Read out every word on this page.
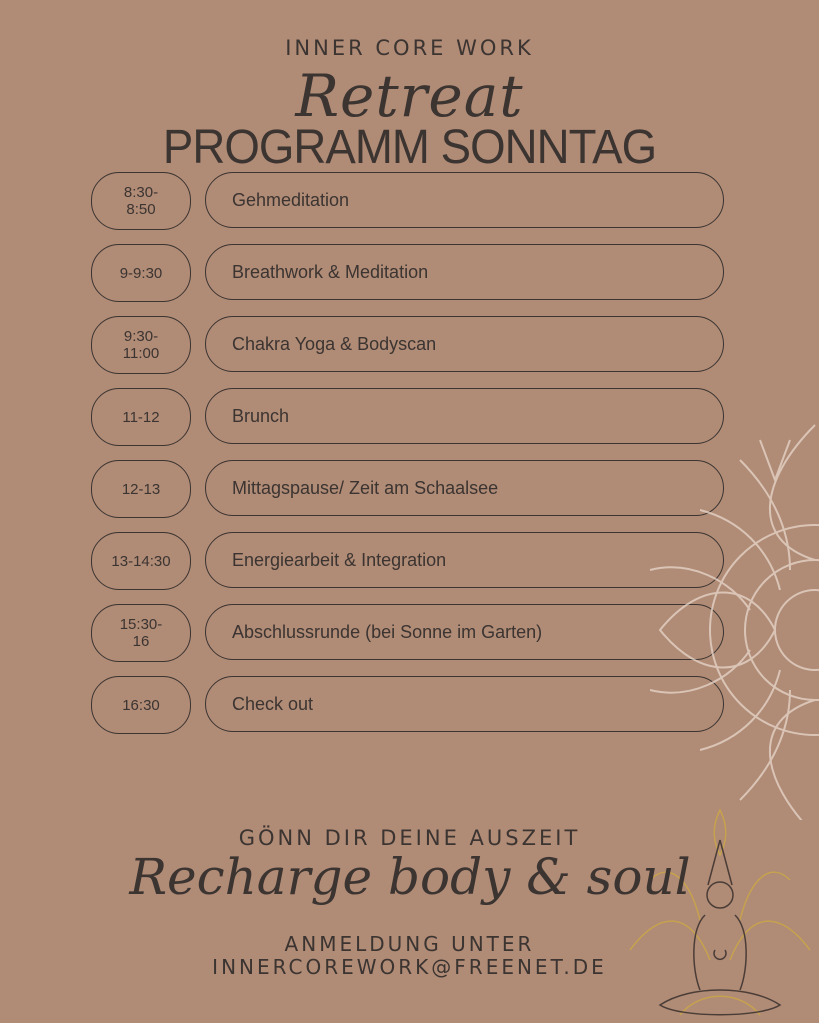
INNER CORE WORK
Retreat
PROGRAMM SONNTAG
8:30-
8:50	Gehmeditation
9-9:30	Breathwork & Meditation
9:30-
11:00	Chakra Yoga & Bodyscan
11-12	Brunch
12-13	Mittagspause/ Zeit am Schaalsee
13-14:30	Energiearbeit & Integration
15:30-
16	Abschlussrunde (bei Sonne im Garten)
16:30	Check out
GÖNN DIR DEINE AUSZEIT
Recharge body & soul
ANMELDUNG UNTER
INNERCOREWORK@FREENET.DE
